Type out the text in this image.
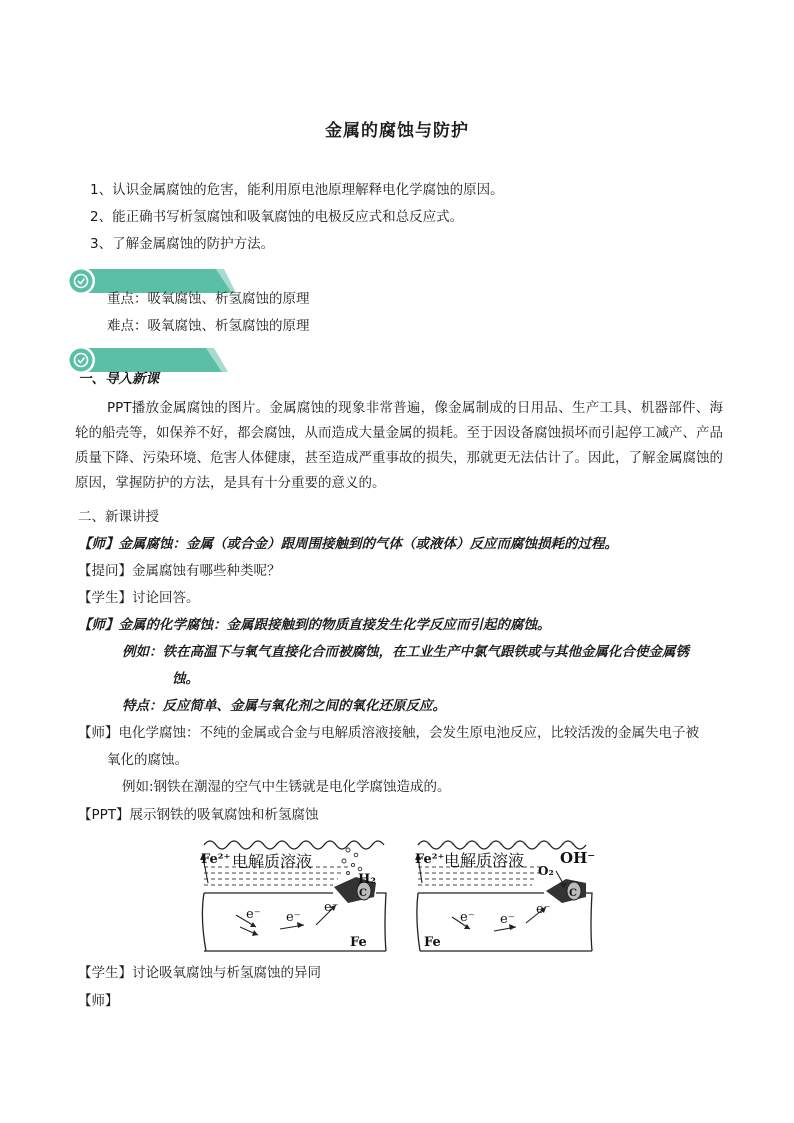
金属的腐蚀与防护
1、认识金属腐蚀的危害，能利用原电池原理解释电化学腐蚀的原因。
2、能正确书写析氢腐蚀和吸氧腐蚀的电极反应式和总反应式。
3、了解金属腐蚀的防护方法。
重点：吸氧腐蚀、析氢腐蚀的原理
难点：吸氧腐蚀、析氢腐蚀的原理
一、导入新课
PPT播放金属腐蚀的图片。金属腐蚀的现象非常普遍，像金属制成的日用品、生产工具、机器部件、海轮的船壳等，如保养不好，都会腐蚀，从而造成大量金属的损耗。至于因设备腐蚀损坏而引起停工减产、产品质量下降、污染环境、危害人体健康，甚至造成严重事故的损失，那就更无法估计了。因此，了解金属腐蚀的原因，掌握防护的方法，是具有十分重要的意义的。
二、新课讲授
【师】金属腐蚀：金属（或合金）跟周围接触到的气体（或液体）反应而腐蚀损耗的过程。
【提问】金属腐蚀有哪些种类呢？
【学生】讨论回答。
【师】金属的化学腐蚀：金属跟接触到的物质直接发生化学反应而引起的腐蚀。
例如：铁在高温下与氧气直接化合而被腐蚀，在工业生产中氯气跟铁或与其他金属化合使金属锈
蚀。
特点：反应简单、金属与氧化剂之间的氧化还原反应。
【师】电化学腐蚀：不纯的金属或合金与电解质溶液接触，会发生原电池反应，比较活泼的金属失电子被
氧化的腐蚀。
例如:钢铁在潮湿的空气中生锈就是电化学腐蚀造成的。
【PPT】展示钢铁的吸氧腐蚀和析氢腐蚀
Fe²⁺ 电解质溶液
H₂
C
e⁻ e⁻
e⁻
Fe
Fe²⁺ 电解质溶液 OH⁻
O₂
C
e⁻ e⁻
e⁻
Fe
【学生】讨论吸氧腐蚀与析氢腐蚀的异同
【师】
